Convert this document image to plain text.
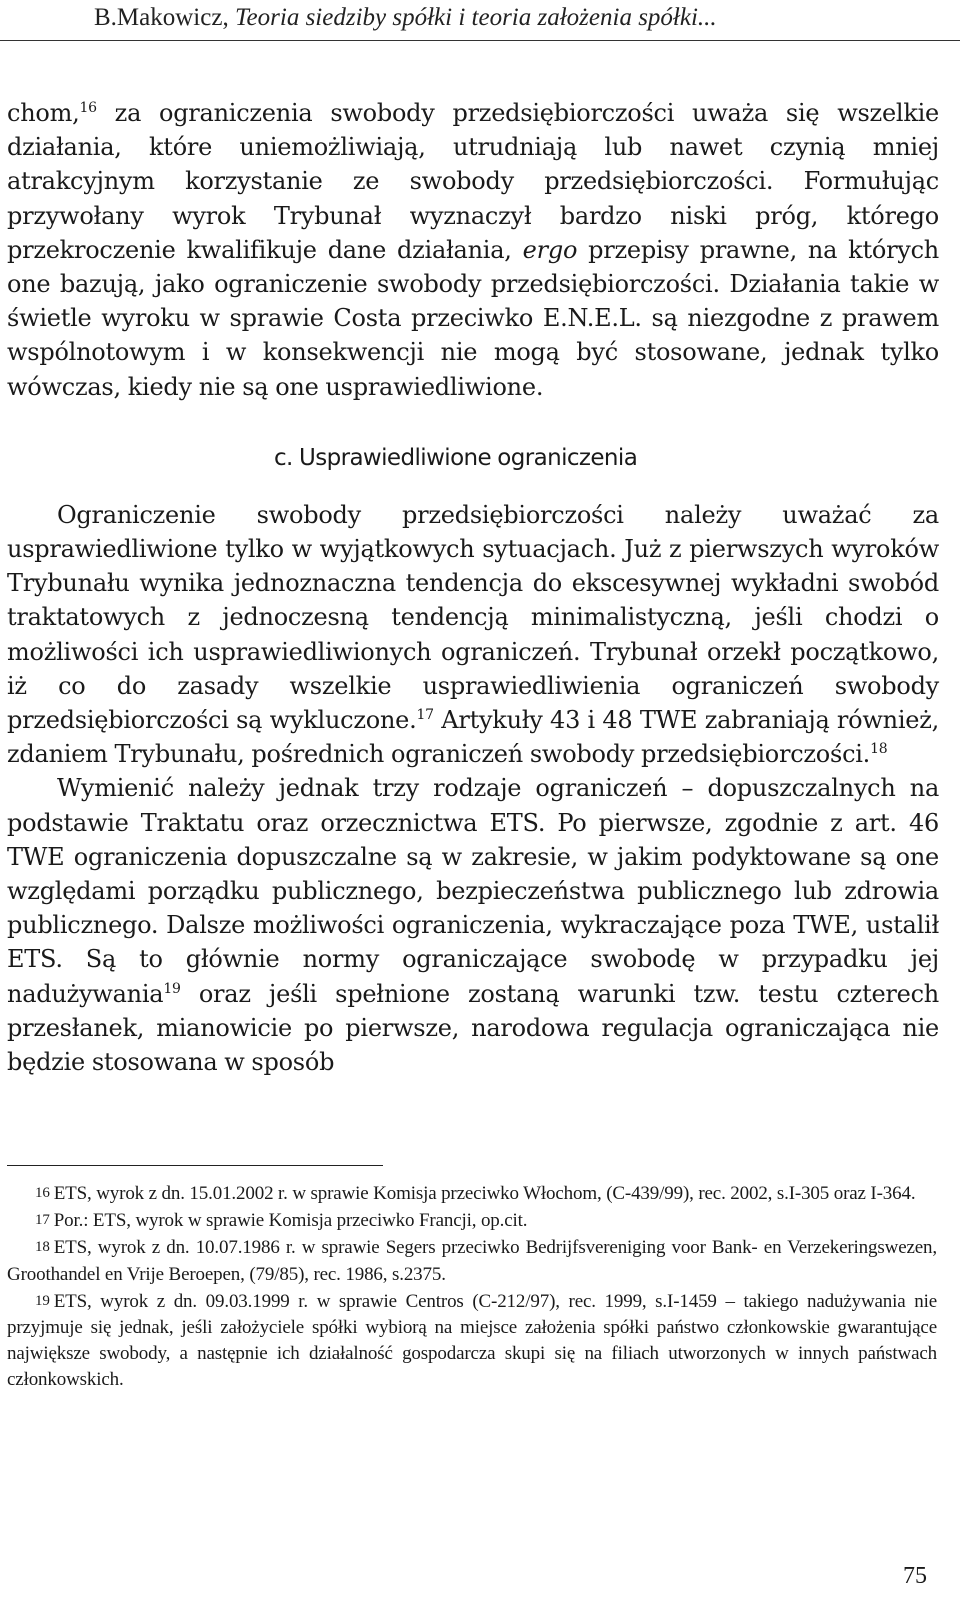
B.Makowicz, Teoria siedziby spółki i teoria założenia spółki...

chom,$^{16}$ za ograniczenia swobody przedsiębiorczości uważa się wszelkie działania, które uniemożliwiają, utrudniają lub nawet czynią mniej atrakcyjnym korzystanie ze swobody przedsiębiorczości. Formułując przywołany wyrok Trybunał wyznaczył bardzo niski próg, którego przekroczenie kwalifikuje dane działania, ergo przepisy prawne, na których one bazują, jako ograniczenie swobody przedsiębiorczości. Działania takie w świetle wyroku w sprawie Costa przeciwko E.N.E.L. są niezgodne z prawem wspólnotowym i w konsekwencji nie mogą być stosowane, jednak tylko wówczas, kiedy nie są one usprawiedliwione.

c. Usprawiedliwione ograniczenia

Ograniczenie swobody przedsiębiorczości należy uważać za usprawiedliwione tylko w wyjątkowych sytuacjach. Już z pierwszych wyroków Trybunału wynika jednoznaczna tendencja do ekscesywnej wykładni swobód traktatowych z jednoczesną tendencją minimalistyczną, jeśli chodzi o możliwości ich usprawiedliwionych ograniczeń. Trybunał orzekł początkowo, iż co do zasady wszelkie usprawiedliwienia ograniczeń swobody przedsiębiorczości są wykluczone.$^{17}$ Artykuły 43 i 48 TWE zabraniają również, zdaniem Trybunału, pośrednich ograniczeń swobody przedsiębiorczości.$^{18}$

Wymienić należy jednak trzy rodzaje ograniczeń – dopuszczalnych na podstawie Traktatu oraz orzecznictwa ETS. Po pierwsze, zgodnie z art. 46 TWE ograniczenia dopuszczalne są w zakresie, w jakim podyktowane są one względami porządku publicznego, bezpieczeństwa publicznego lub zdrowia publicznego. Dalsze możliwości ograniczenia, wykraczające poza TWE, ustalił ETS. Są to głównie normy ograniczające swobodę w przypadku jej nadużywania$^{19}$ oraz jeśli spełnione zostaną warunki tzw. testu czterech przesłanek, mianowicie po pierwsze, narodowa regulacja ograniczająca nie będzie stosowana w sposób

16 ETS, wyrok z dn. 15.01.2002 r. w sprawie Komisja przeciwko Włochom, (C-439/99), rec. 2002, s.I-305 oraz I-364.

17 Por.: ETS, wyrok w sprawie Komisja przeciwko Francji, op.cit.

18 ETS, wyrok z dn. 10.07.1986 r. w sprawie Segers przeciwko Bedrijfsvereniging voor Bank- en Verzekeringswezen, Groothandel en Vrije Beroepen, (79/85), rec. 1986, s.2375.

19 ETS, wyrok z dn. 09.03.1999 r. w sprawie Centros (C-212/97), rec. 1999, s.I-1459 – takiego nadużywania nie przyjmuje się jednak, jeśli założyciele spółki wybiorą na miejsce założenia spółki państwo członkowskie gwarantujące największe swobody, a następnie ich działalność gospodarcza skupi się na filiach utworzonych w innych państwach członkowskich.

75
